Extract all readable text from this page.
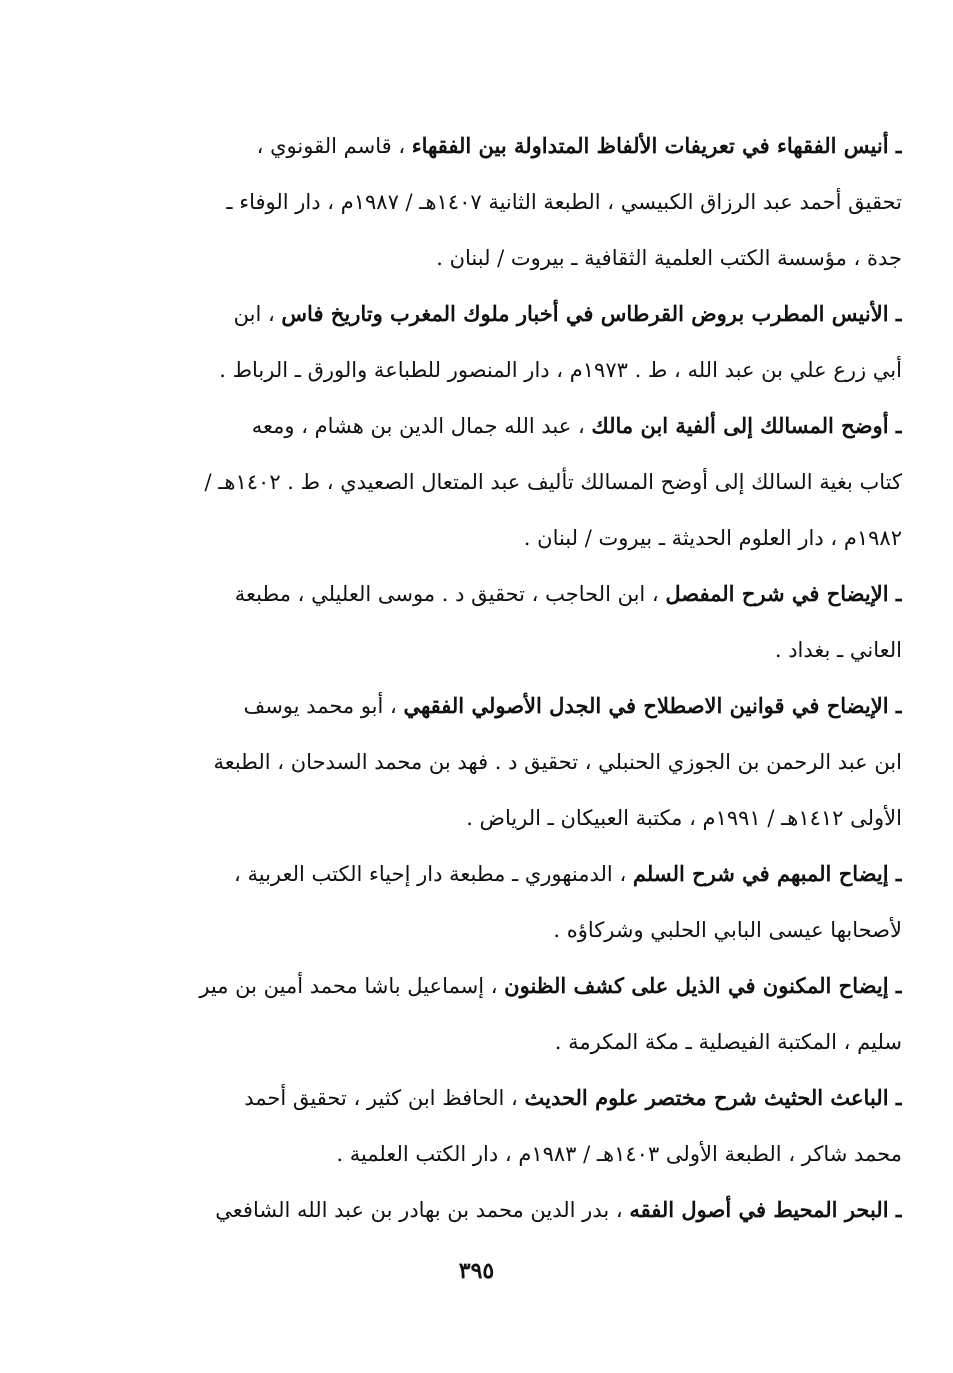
ـ أنيس الفقهاء في تعريفات الألفاظ المتداولة بين الفقهاء ، قاسم القونوي ،
تحقيق أحمد عبد الرزاق الكبيسي ، الطبعة الثانية ١٤٠٧هـ / ١٩٨٧م ، دار الوفاء ـ
جدة ، مؤسسة الكتب العلمية الثقافية ـ بيروت / لبنان .
ـ الأنيس المطرب بروض القرطاس في أخبار ملوك المغرب وتاريخ فاس ، ابن
أبي زرع علي بن عبد الله ، ط . ١٩٧٣م ، دار المنصور للطباعة والورق ـ الرباط .
ـ أوضح المسالك إلى ألفية ابن مالك ، عبد الله جمال الدين بن هشام ، ومعه
كتاب بغية السالك إلى أوضح المسالك تأليف عبد المتعال الصعيدي ، ط . ١٤٠٢هـ /
١٩٨٢م ، دار العلوم الحديثة ـ بيروت / لبنان .
ـ الإيضاح في شرح المفصل ، ابن الحاجب ، تحقيق د . موسى العليلي ، مطبعة
العاني ـ بغداد .
ـ الإيضاح في قوانين الاصطلاح في الجدل الأصولي الفقهي ، أبو محمد يوسف
ابن عبد الرحمن بن الجوزي الحنبلي ، تحقيق د . فهد بن محمد السدحان ، الطبعة
الأولى ١٤١٢هـ / ١٩٩١م ، مكتبة العبيكان ـ الرياض .
ـ إيضاح المبهم في شرح السلم ، الدمنهوري ـ مطبعة دار إحياء الكتب العربية ،
لأصحابها عيسى البابي الحلبي وشركاؤه .
ـ إيضاح المكنون في الذيل على كشف الظنون ، إسماعيل باشا محمد أمين بن مير
سليم ، المكتبة الفيصلية ـ مكة المكرمة .
ـ الباعث الحثيث شرح مختصر علوم الحديث ، الحافظ ابن كثير ، تحقيق أحمد
محمد شاكر ، الطبعة الأولى ١٤٠٣هـ / ١٩٨٣م ، دار الكتب العلمية .
ـ البحر المحيط في أصول الفقه ، بدر الدين محمد بن بهادر بن عبد الله الشافعي
٣٩٥
